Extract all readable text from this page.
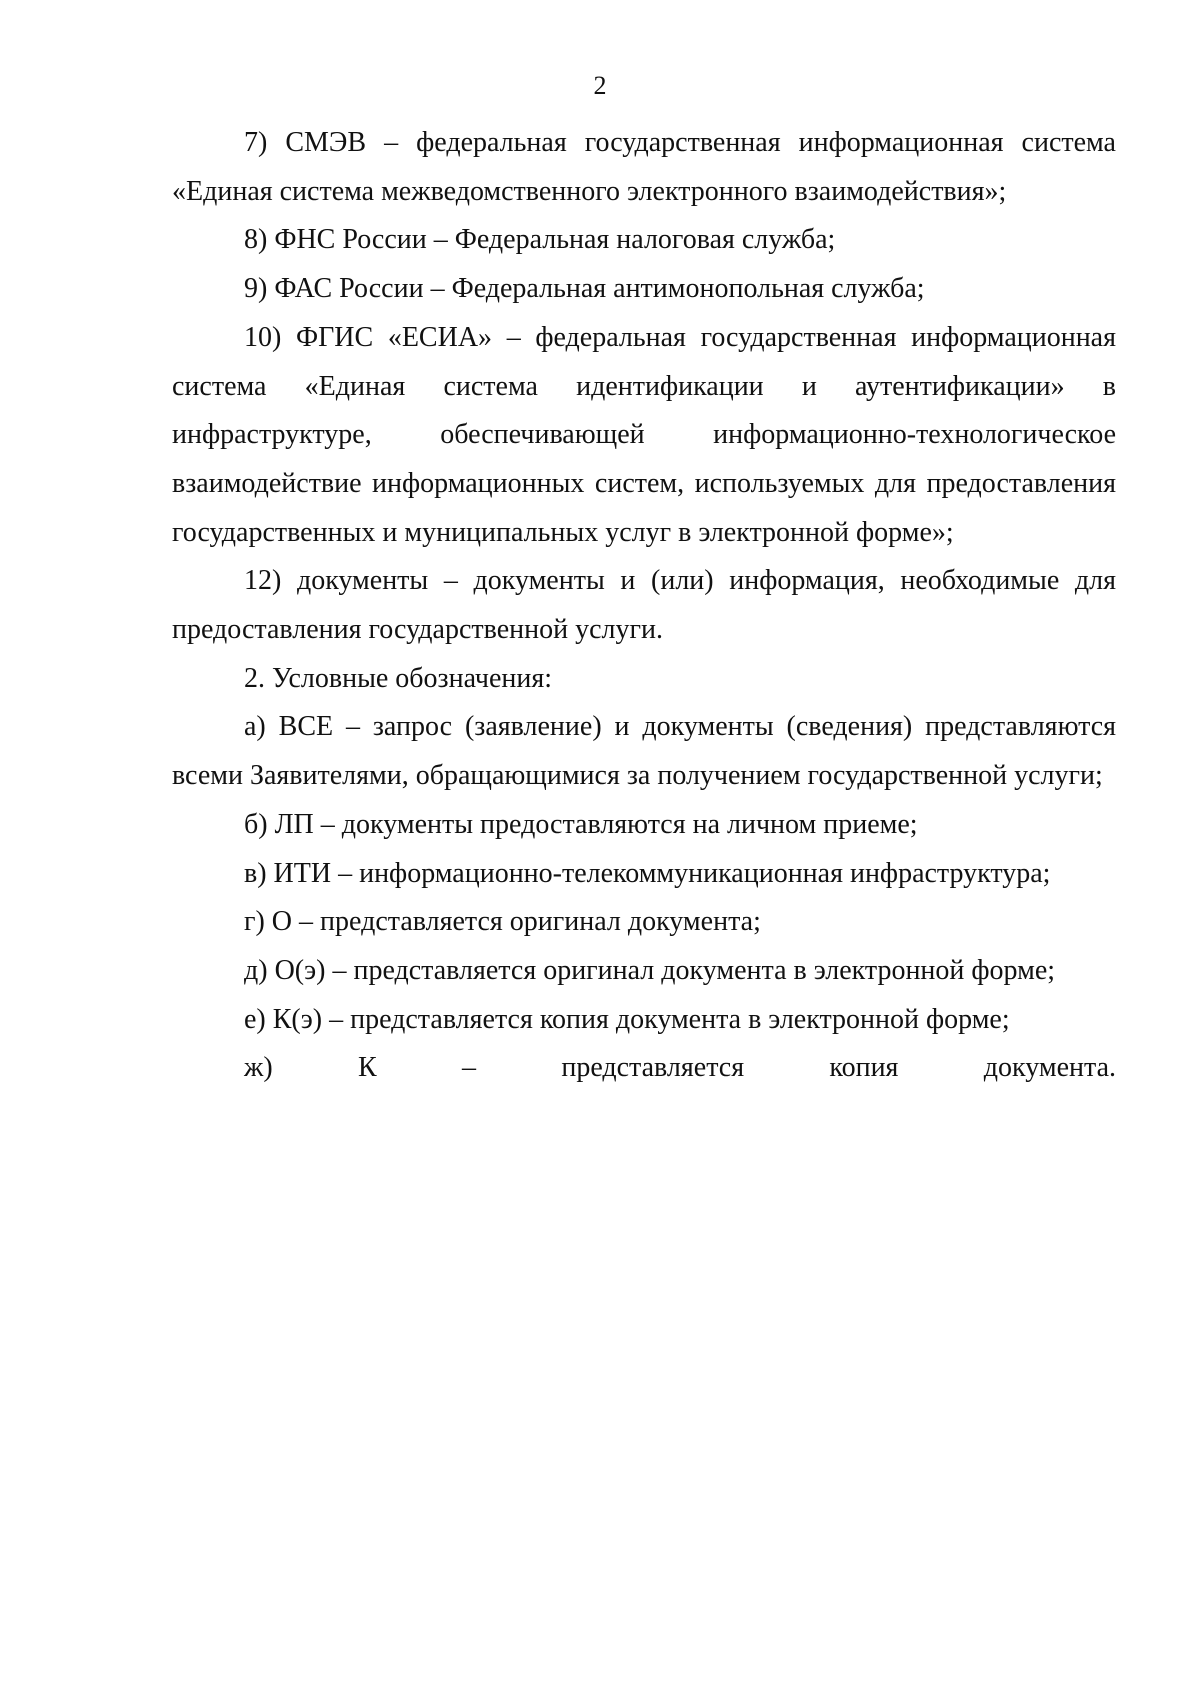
2

7) СМЭВ – федеральная государственная информационная система «Единая система межведомственного электронного взаимодействия»;

8) ФНС России – Федеральная налоговая служба;

9) ФАС России – Федеральная антимонопольная служба;

10) ФГИС «ЕСИА» – федеральная государственная информационная система «Единая система идентификации и аутентификации» в инфраструктуре, обеспечивающей информационно-технологическое взаимодействие информационных систем, используемых для предоставления государственных и муниципальных услуг в электронной форме»;

12) документы – документы и (или) информация, необходимые для предоставления государственной услуги.

2. Условные обозначения:

а) ВСЕ – запрос (заявление) и документы (сведения) представляются всеми Заявителями, обращающимися за получением государственной услуги;

б) ЛП – документы предоставляются на личном приеме;

в) ИТИ – информационно-телекоммуникационная инфраструктура;

г) О – представляется оригинал документа;

д) О(э) – представляется оригинал документа в электронной форме;

е) К(э) – представляется копия документа в электронной форме;

ж) К – представляется копия документа.
